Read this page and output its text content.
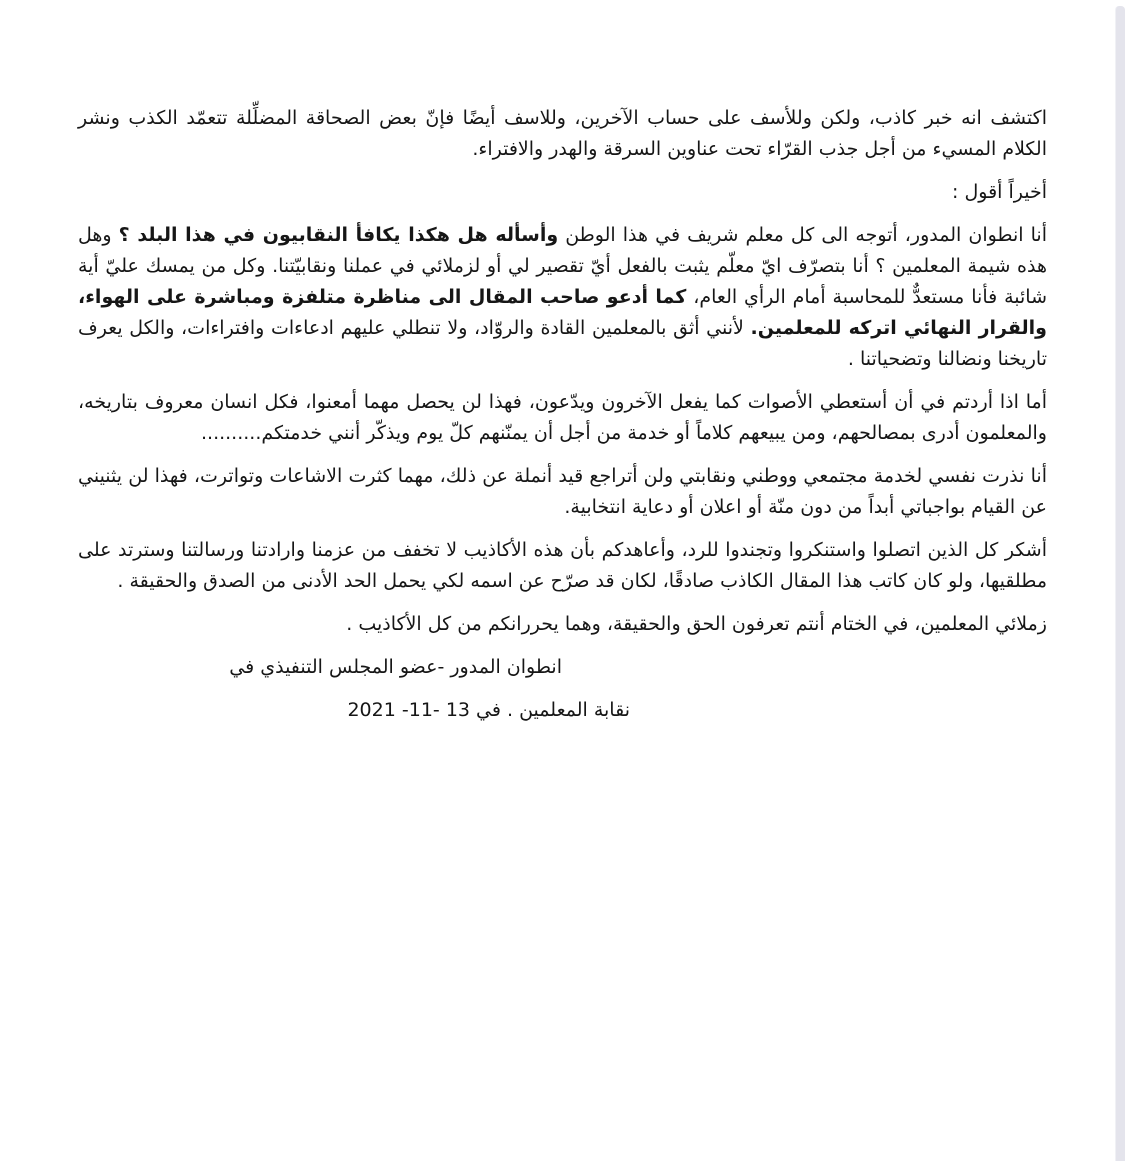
اكتشف انه خبر كاذب، ولكن وللأسف على حساب الآخرين، وللاسف أيضًا فإنّ بعض الصحاقة المضلِّلة تتعمّد الكذب ونشر الكلام المسيء من أجل جذب القرّاء تحت عناوين السرقة والهدر والافتراء.

أخيراً أقول :

أنا انطوان المدور، أتوجه الى كل معلم شريف في هذا الوطن وأسأله هل هكذا يكافأ النقابيون في هذا البلد ؟ وهل هذه شيمة المعلمين ؟ أنا بتصرّف ايّ معلّم يثبت بالفعل أيّ تقصير لي أو لزملائي في عملنا ونقابيّتنا. وكل من يمسك عليّ أية شائبة فأنا مستعدٌّ للمحاسبة أمام الرأي العام، كما أدعو صاحب المقال الى مناظرة متلفزة ومباشرة على الهواء، والقرار النهائي اتركه للمعلمين. لأنني أثق بالمعلمين القادة والروّاد، ولا تنطلي عليهم ادعاءات وافتراءات، والكل يعرف تاريخنا ونضالنا وتضحياتنا .

أما اذا أردتم في أن أستعطي الأصوات كما يفعل الآخرون ويدّعون، فهذا لن يحصل مهما أمعنوا، فكل انسان معروف بتاريخه، والمعلمون أدرى بمصالحهم، ومن يبيعهم كلاماً أو خدمة من أجل أن يمنّنهم كلّ يوم ويذكّر أنني خدمتكم..........

أنا نذرت نفسي لخدمة مجتمعي ووطني ونقابتي ولن أتراجع قيد أنملة عن ذلك، مهما كثرت الاشاعات وتواترت، فهذا لن يثنيني عن القيام بواجباتي أبداً من دون منّة أو اعلان أو دعاية انتخابية.

أشكر كل الذين اتصلوا واستنكروا وتجندوا للرد، وأعاهدكم بأن هذه الأكاذيب لا تخفف من عزمنا وارادتنا ورسالتنا وسترتد على مطلقيها، ولو كان كاتب هذا المقال الكاذب صادقًا، لكان قد صرّح عن اسمه لكي يحمل الحد الأدنى من الصدق والحقيقة .

زملائي المعلمين، في الختام أنتم تعرفون الحق والحقيقة، وهما يحررانكم من كل الأكاذيب .

انطوان المدور -عضو المجلس التنفيذي في

نقابة المعلمين . في 13 -11- 2021
